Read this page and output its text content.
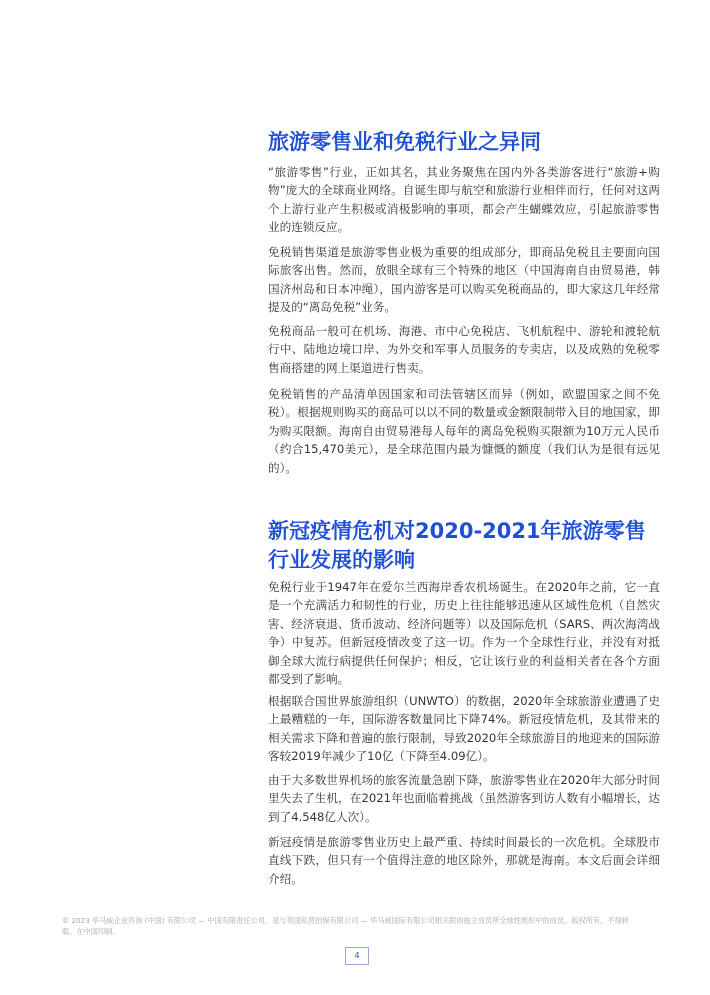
旅游零售业和免税行业之异同

“旅游零售”行业，正如其名，其业务聚焦在国内外各类游客进行“旅游+购物”庞大的全球商业网络。自诞生即与航空和旅游行业相伴而行，任何对这两个上游行业产生积极或消极影响的事项，都会产生蝴蝶效应，引起旅游零售业的连锁反应。

免税销售渠道是旅游零售业极为重要的组成部分，即商品免税且主要面向国际旅客出售。然而，放眼全球有三个特殊的地区（中国海南自由贸易港，韩国济州岛和日本冲绳），国内游客是可以购买免税商品的，即大家这几年经常提及的“离岛免税”业务。

免税商品一般可在机场、海港、市中心免税店、飞机航程中、游轮和渡轮航行中、陆地边境口岸、为外交和军事人员服务的专卖店，以及成熟的免税零售商搭建的网上渠道进行售卖。

免税销售的产品清单因国家和司法管辖区而异（例如，欧盟国家之间不免税）。根据规则购买的商品可以以不同的数量或金额限制带入目的地国家，即为购买限额。海南自由贸易港每人每年的离岛免税购买限额为10万元人民币（约合15,470美元），是全球范围内最为慷慨的额度（我们认为是很有远见的）。

新冠疫情危机对2020-2021年旅游零售行业发展的影响

免税行业于1947年在爱尔兰西海岸香农机场诞生。在2020年之前，它一直是一个充满活力和韧性的行业，历史上往往能够迅速从区域性危机（自然灾害、经济衰退、货币波动、经济问题等）以及国际危机（SARS、两次海湾战争）中复苏。但新冠疫情改变了这一切。作为一个全球性行业，并没有对抵御全球大流行病提供任何保护；相反，它让该行业的利益相关者在各个方面都受到了影响。

根据联合国世界旅游组织（UNWTO）的数据，2020年全球旅游业遭遇了史上最糟糕的一年，国际游客数量同比下降74%。新冠疫情危机，及其带来的相关需求下降和普遍的旅行限制，导致2020年全球旅游目的地迎来的国际游客较2019年减少了10亿（下降至4.09亿）。

由于大多数世界机场的旅客流量急剧下降，旅游零售业在2020年大部分时间里失去了生机，在2021年也面临着挑战（虽然游客到访人数有小幅增长，达到了4.548亿人次）。

新冠疫情是旅游零售业历史上最严重、持续时间最长的一次危机。全球股市直线下跌，但只有一个值得注意的地区除外，那就是海南。本文后面会详细介绍。

© 2023 毕马威企业咨询 (中国) 有限公司 — 中国有限责任公司，是与英国私营担保有限公司 — 毕马威国际有限公司相关联的独立成员所全球性组织中的成员。版权所有，不得转载。在中国印刷。
4
